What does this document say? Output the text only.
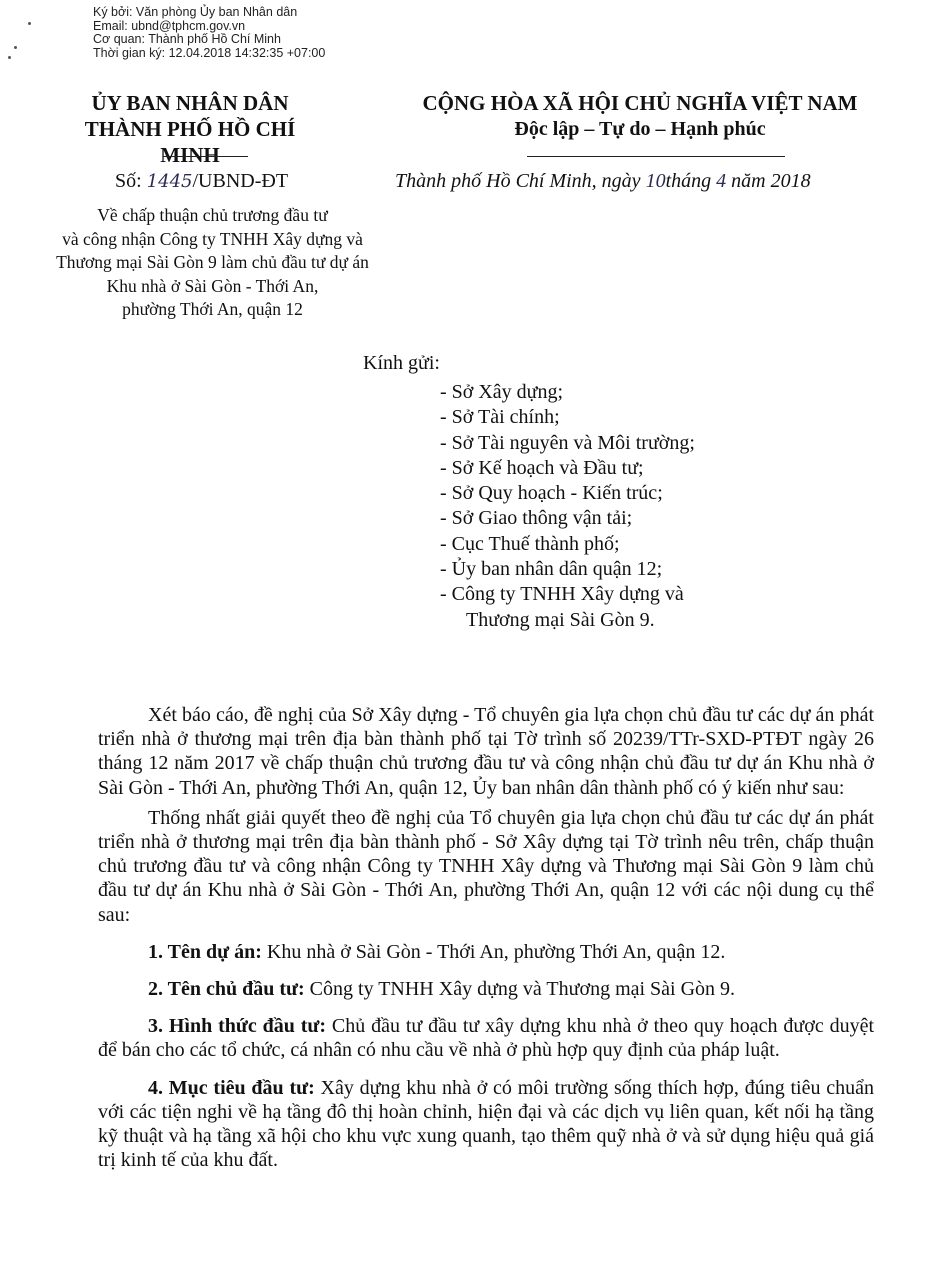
Ký bởi: Văn phòng Ủy ban Nhân dân
Email: ubnd@tphcm.gov.vn
Cơ quan: Thành phố Hồ Chí Minh
Thời gian ký: 12.04.2018 14:32:35 +07:00
ỦY BAN NHÂN DÂN
THÀNH PHỐ HỒ CHÍ MINH
CỘNG HÒA XÃ HỘI CHỦ NGHĨA VIỆT NAM
Độc lập – Tự do – Hạnh phúc
Số: 1445/UBND-ĐT	Thành phố Hồ Chí Minh, ngày 10tháng 4 năm 2018
Về chấp thuận chủ trương đầu tư
và công nhận Công ty TNHH Xây dựng và
Thương mại Sài Gòn 9 làm chủ đầu tư dự án
Khu nhà ở Sài Gòn - Thới An,
phường Thới An, quận 12
Kính gửi:
- Sở Xây dựng;
- Sở Tài chính;
- Sở Tài nguyên và Môi trường;
- Sở Kế hoạch và Đầu tư;
- Sở Quy hoạch - Kiến trúc;
- Sở Giao thông vận tải;
- Cục Thuế thành phố;
- Ủy ban nhân dân quận 12;
- Công ty TNHH Xây dựng và
Thương mại Sài Gòn 9.

Xét báo cáo, đề nghị của Sở Xây dựng - Tổ chuyên gia lựa chọn chủ đầu tư các dự án phát triển nhà ở thương mại trên địa bàn thành phố tại Tờ trình số 20239/TTr-SXD-PTĐT ngày 26 tháng 12 năm 2017 về chấp thuận chủ trương đầu tư và công nhận chủ đầu tư dự án Khu nhà ở Sài Gòn - Thới An, phường Thới An, quận 12, Ủy ban nhân dân thành phố có ý kiến như sau:

Thống nhất giải quyết theo đề nghị của Tổ chuyên gia lựa chọn chủ đầu tư các dự án phát triển nhà ở thương mại trên địa bàn thành phố - Sở Xây dựng tại Tờ trình nêu trên, chấp thuận chủ trương đầu tư và công nhận Công ty TNHH Xây dựng và Thương mại Sài Gòn 9 làm chủ đầu tư dự án Khu nhà ở Sài Gòn - Thới An, phường Thới An, quận 12 với các nội dung cụ thể sau:

1. Tên dự án: Khu nhà ở Sài Gòn - Thới An, phường Thới An, quận 12.

2. Tên chủ đầu tư: Công ty TNHH Xây dựng và Thương mại Sài Gòn 9.

3. Hình thức đầu tư: Chủ đầu tư đầu tư xây dựng khu nhà ở theo quy hoạch được duyệt để bán cho các tổ chức, cá nhân có nhu cầu về nhà ở phù hợp quy định của pháp luật.

4. Mục tiêu đầu tư: Xây dựng khu nhà ở có môi trường sống thích hợp, đúng tiêu chuẩn với các tiện nghi về hạ tầng đô thị hoàn chỉnh, hiện đại và các dịch vụ liên quan, kết nối hạ tầng kỹ thuật và hạ tầng xã hội cho khu vực xung quanh, tạo thêm quỹ nhà ở và sử dụng hiệu quả giá trị kinh tế của khu đất.
